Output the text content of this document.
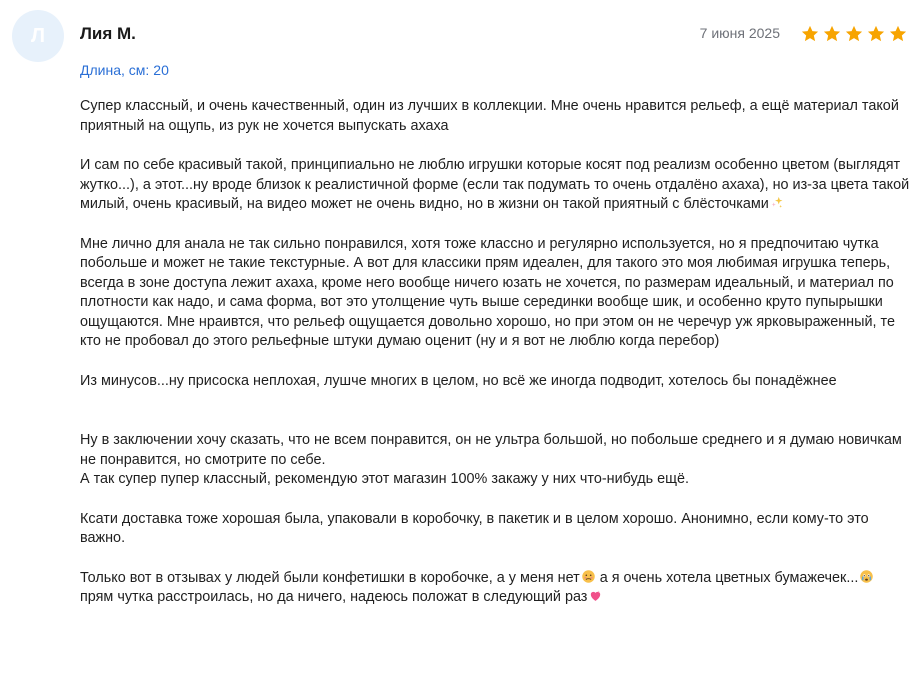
Л Лия М.	7 июня 2025
Длина, см: 20

Супер классный, и очень качественный, один из лучших в коллекции. Мне очень нравится рельеф, а ещё материал такой приятный на ощупь, из рук не хочется выпускать ахаха

И сам по себе красивый такой, принципиально не люблю игрушки которые косят под реализм особенно цветом (выглядят жутко...), а этот...ну вроде близок к реалистичной форме (если так подумать то очень отдалёно ахаха), но из-за цвета такой милый, очень красивый, на видео может не очень видно, но в жизни он такой приятный с блёсточками

Мне лично для анала не так сильно понравился, хотя тоже классно и регулярно используется, но я предпочитаю чутка побольше и может не такие текстурные. А вот для классики прям идеален, для такого это моя любимая игрушка теперь, всегда в зоне доступа лежит ахаха, кроме него вообще ничего юзать не хочется, по размерам идеальный, и материал по плотности как надо, и сама форма, вот это утолщение чуть выше серединки вообще шик, и особенно круто пупырышки ощущаются. Мне нраивтся, что рельеф ощущается довольно хорошо, но при этом он не черечур уж ярковыраженный, те кто не пробовал до этого рельефные штуки думаю оценит (ну и я вот не люблю когда перебор)

Из минусов...ну присоска неплохая, лушче многих в целом, но всё же иногда подводит, хотелось бы понадёжнее

Ну в заключении хочу сказать, что не всем понравится, он не ультра большой, но побольше среднего и я думаю новичкам не понравится, но смотрите по себе.
А так супер пупер классный, рекомендую этот магазин 100% закажу у них что-нибудь ещё.

Ксати доставка тоже хорошая была, упаковали в коробочку, в пакетик и в целом хорошо. Анонимно, если кому-то это важно.

Только вот в отзывах у людей были конфетишки в коробочке, а у меня нет а я очень хотела цветных бумажечек... прям чутка расстроилась, но да ничего, надеюсь положат в следующий раз
